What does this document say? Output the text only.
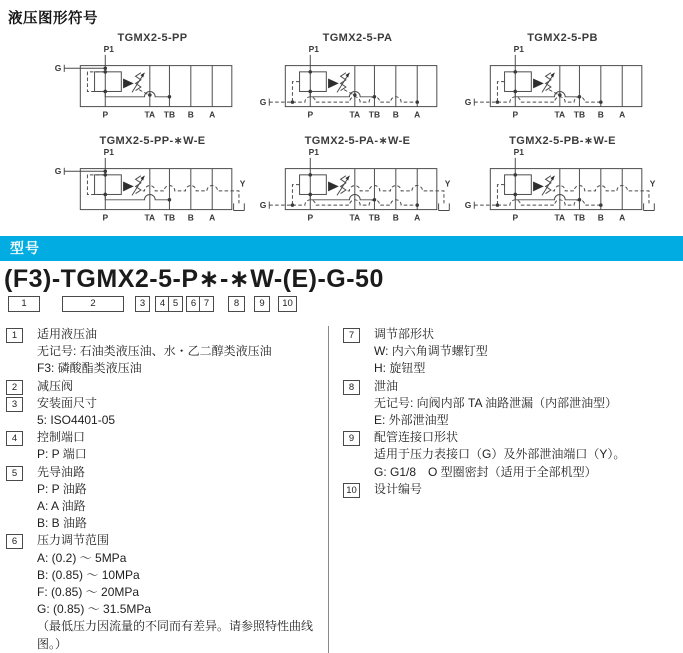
液压图形符号
TGMX2-5-PP
G
P1
P	TA TB B A
TGMX2-5-PA
G
P1
P	TA TB B A
TGMX2-5-PB
G
P1
P	TA TB B A
TGMX2-5-PP-∗W-E
G
P1
Y
P	TA TB B A
TGMX2-5-PA-∗W-E
G
P1
Y
P	TA TB B A
TGMX2-5-PB-∗W-E
G
P1
Y
P	TA TB B A
型号
(F3)-TGMX2-5-P∗-∗W-(E)-G-50
1	2	3	4 5	6 7	8	9	10
1	适用液压油
无记号: 石油类液压油、水・乙二醇类液压油
F3: 磷酸酯类液压油
2	减压阀
3	安装面尺寸
5: ISO4401-05
4	控制端口
P: P 端口
5	先导油路
P: P 油路
A: A 油路
B: B 油路
6	压力调节范围
A: (0.2) ～ 5MPa
B: (0.85) ～ 10MPa
F: (0.85) ～ 20MPa
G: (0.85) ～ 31.5MPa
（最低压力因流量的不同而有差异。请参照特性曲线图。）
7	调节部形状
W: 内六角调节螺钉型
H: 旋钮型
8	泄油
无记号: 向阀内部 TA 油路泄漏（内部泄油型）
E: 外部泄油型
9	配管连接口形状
适用于压力表接口（G）及外部泄油端口（Y）。
G: G1/8　O 型圈密封（适用于全部机型）
10 设计编号
